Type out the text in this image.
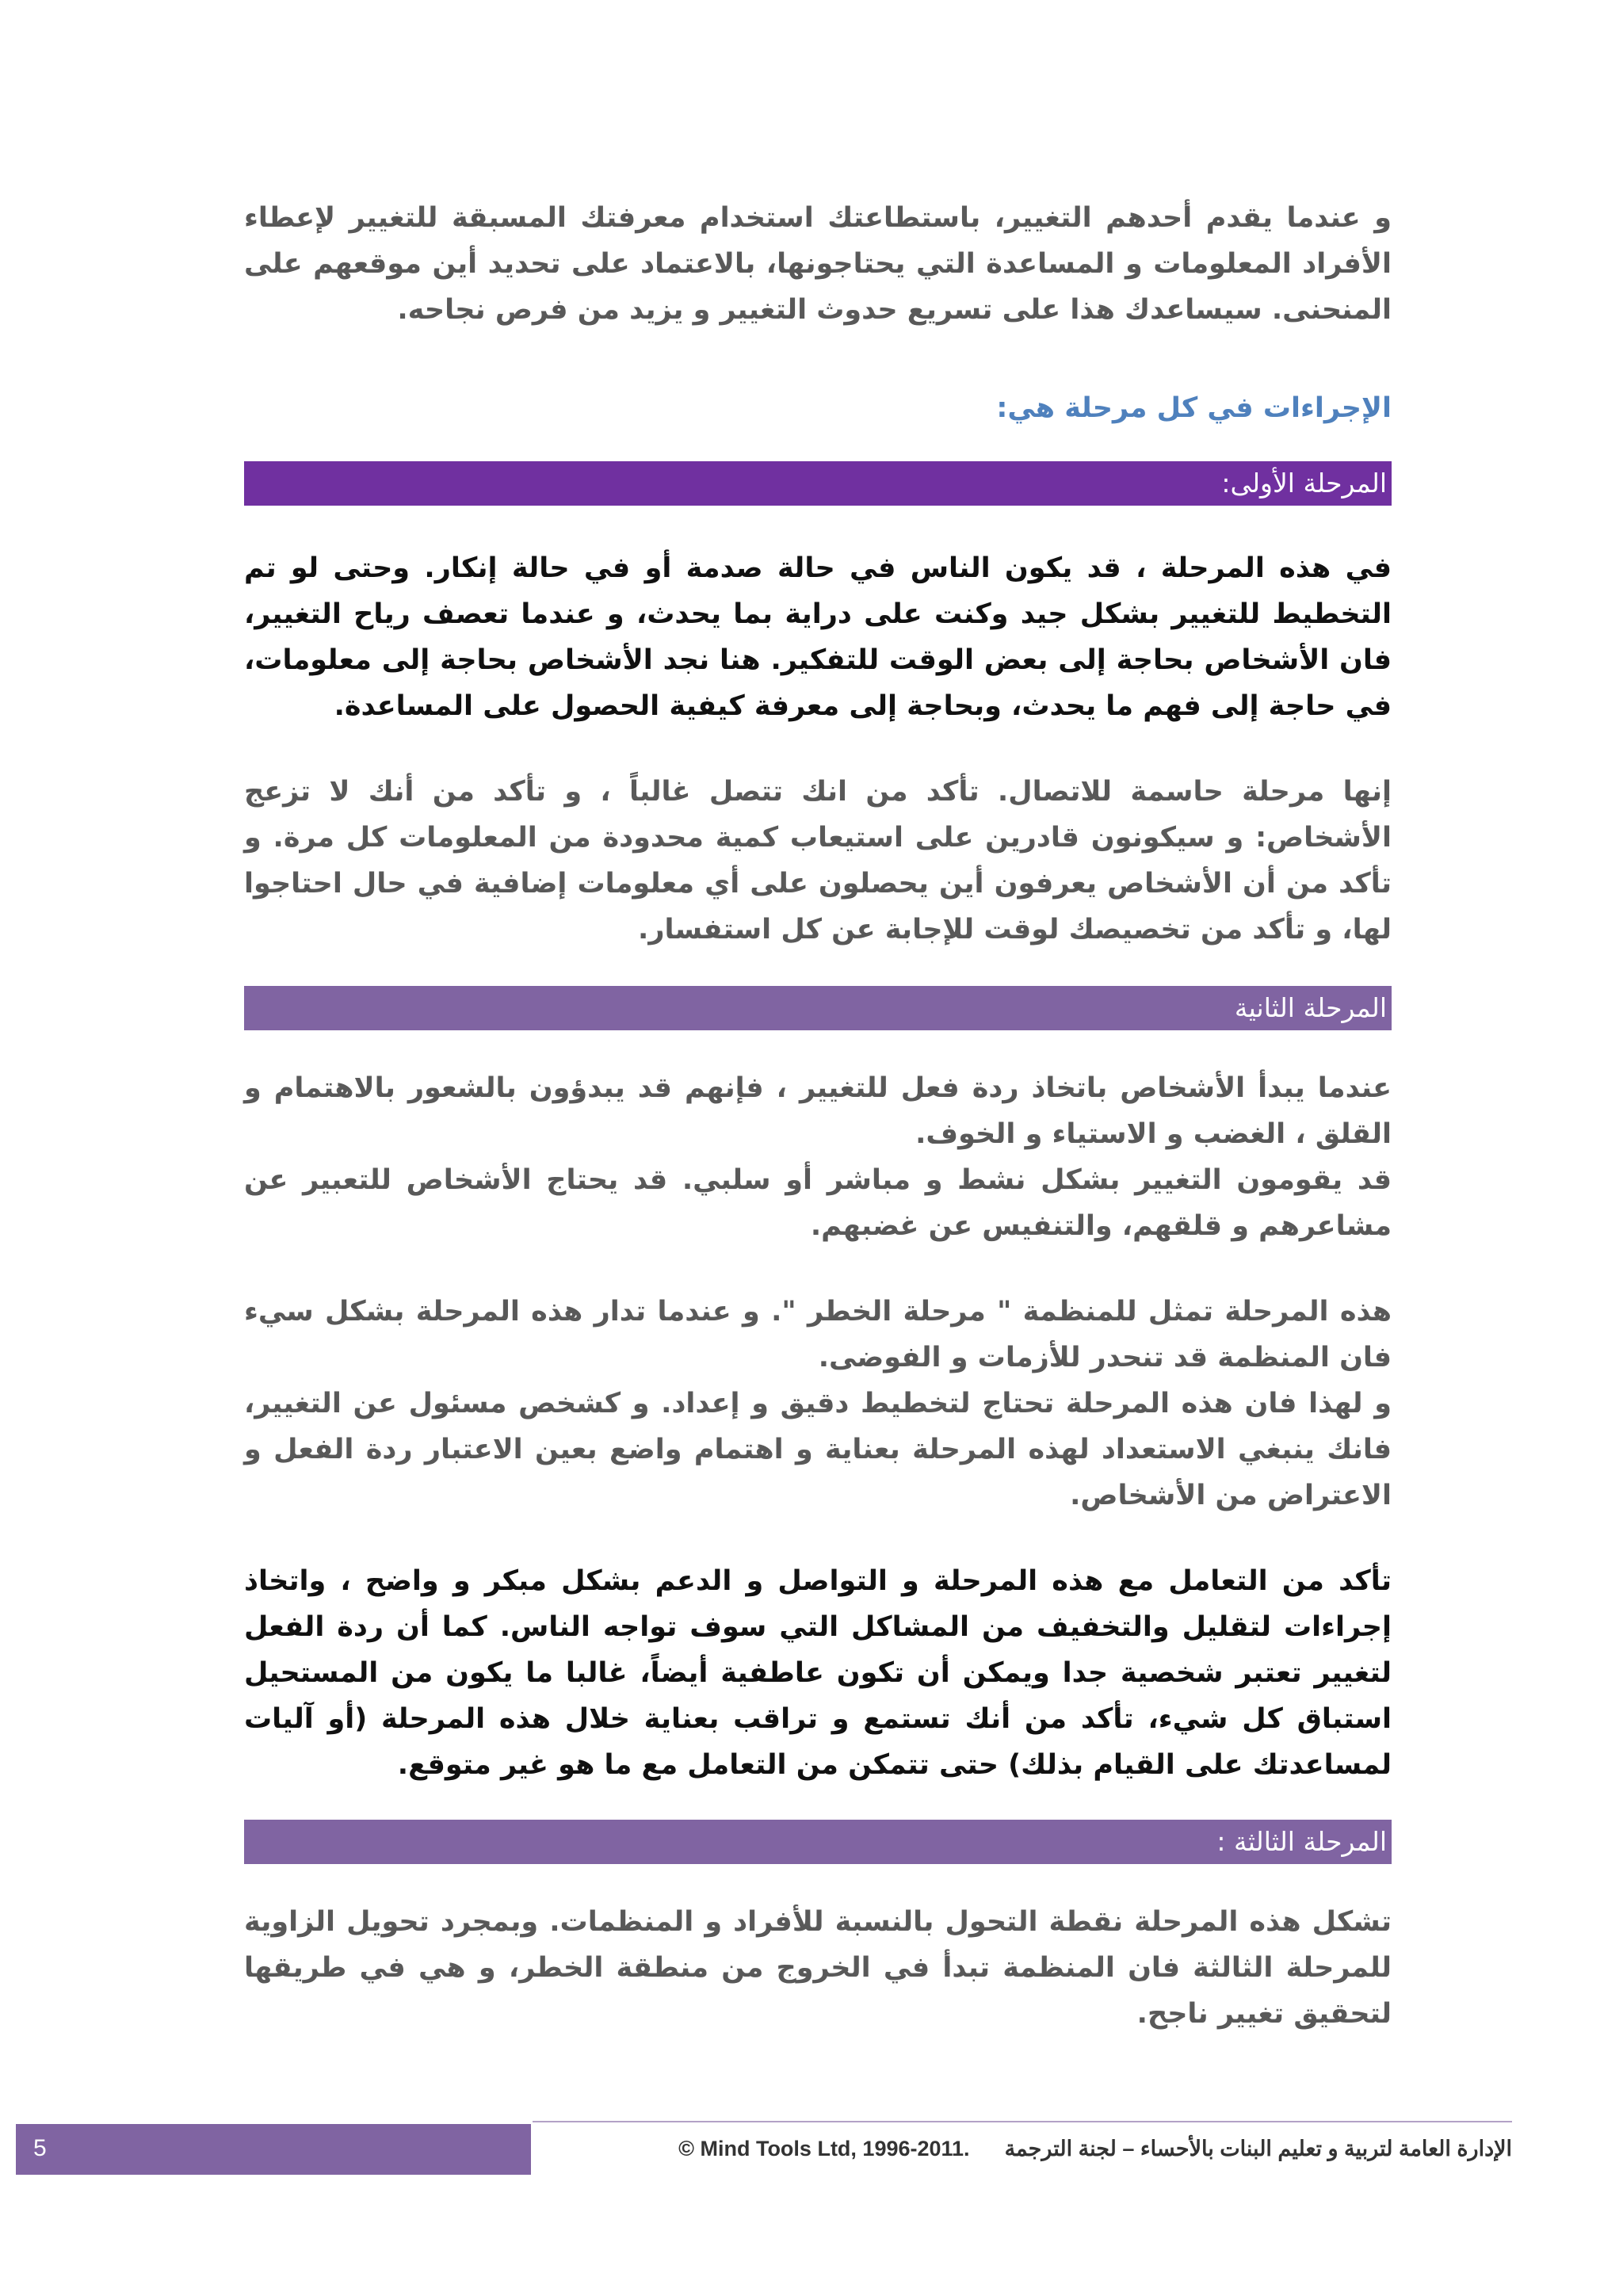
و عندما يقدم أحدهم التغيير، باستطاعتك استخدام معرفتك المسبقة للتغيير لإعطاء الأفراد المعلومات و المساعدة التي يحتاجونها، بالاعتماد على تحديد أين موقعهم على المنحنى. سيساعدك هذا على تسريع حدوث التغيير و يزيد من فرص نجاحه.

الإجراءات في كل مرحلة هي:

المرحلة الأولى:

في هذه المرحلة ، قد يكون الناس في حالة صدمة أو في حالة إنكار. وحتى لو تم التخطيط للتغيير بشكل جيد وكنت على دراية بما يحدث، و عندما تعصف رياح التغيير، فان الأشخاص بحاجة إلى بعض الوقت للتفكير. هنا نجد الأشخاص بحاجة إلى معلومات، في حاجة إلى فهم ما يحدث، وبحاجة إلى معرفة كيفية الحصول على المساعدة.

إنها مرحلة حاسمة للاتصال. تأكد من انك تتصل غالباً ، و تأكد من أنك لا تزعج الأشخاص: و سيكونون قادرين على استيعاب كمية محدودة من المعلومات كل مرة. و تأكد من أن الأشخاص يعرفون أين يحصلون على أي معلومات إضافية في حال احتاجوا لها، و تأكد من تخصيصك لوقت للإجابة عن كل استفسار.

المرحلة الثانية

عندما يبدأ الأشخاص باتخاذ ردة فعل للتغيير ، فإنهم قد يبدؤون بالشعور بالاهتمام و القلق ، الغضب و الاستياء و الخوف.

قد يقومون التغيير بشكل نشط و مباشر أو سلبي. قد يحتاج الأشخاص للتعبير عن مشاعرهم و قلقهم، والتنفيس عن غضبهم.

هذه المرحلة تمثل للمنظمة " مرحلة الخطر ". و عندما تدار هذه المرحلة بشكل سيء فان المنظمة قد تنحدر للأزمات و الفوضى.

و لهذا فان هذه المرحلة تحتاج لتخطيط دقيق و إعداد. و كشخص مسئول عن التغيير، فانك ينبغي الاستعداد لهذه المرحلة بعناية و اهتمام واضع بعين الاعتبار ردة الفعل و الاعتراض من الأشخاص.

تأكد من التعامل مع هذه المرحلة و التواصل و الدعم بشكل مبكر و واضح ، واتخاذ إجراءات لتقليل والتخفيف من المشاكل التي سوف تواجه الناس. كما أن ردة الفعل لتغيير تعتبر شخصية جدا ويمكن أن تكون عاطفية أيضاً، غالبا ما يكون من المستحيل استباق كل شيء، تأكد من أنك تستمع و تراقب بعناية خلال هذه المرحلة (أو آليات لمساعدتك على القيام بذلك) حتى تتمكن من التعامل مع ما هو غير متوقع.

المرحلة الثالثة :

تشكل هذه المرحلة نقطة التحول بالنسبة للأفراد و المنظمات. وبمجرد تحويل الزاوية للمرحلة الثالثة فان المنظمة تبدأ في الخروج من منطقة الخطر، و هي في طريقها لتحقيق تغيير ناجح.

5	الإدارة العامة لتربية و تعليم البنات بالأحساء – لجنة الترجمة© Mind Tools Ltd, 1996-2011.
